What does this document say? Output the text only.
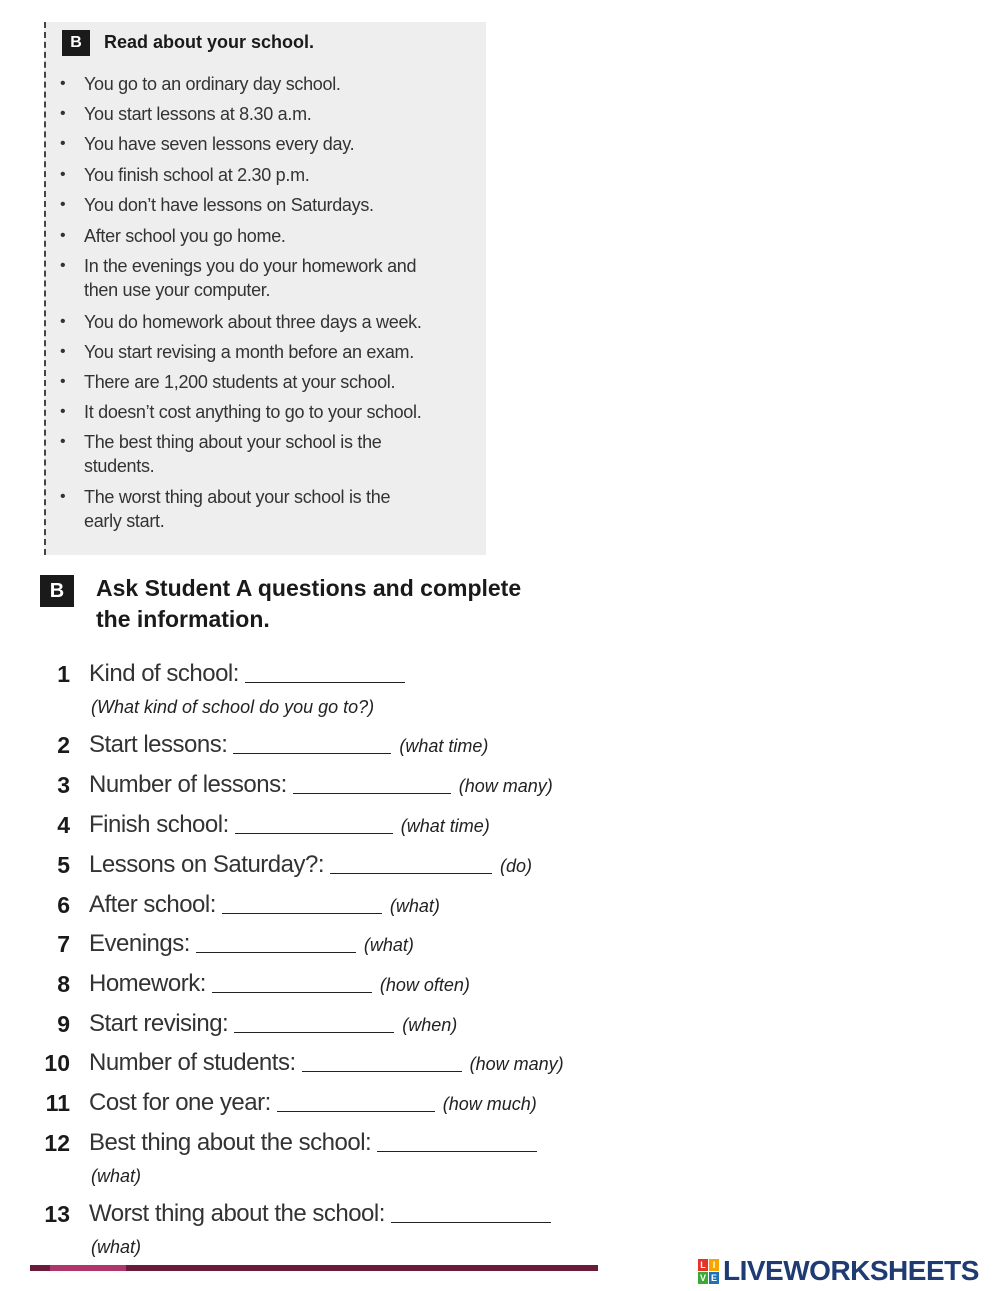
B	Read about your school.
• You go to an ordinary day school.
• You start lessons at 8.30 a.m.
• You have seven lessons every day.
• You finish school at 2.30 p.m.
• You don’t have lessons on Saturdays.
• After school you go home.
• In the evenings you do your homework and
then use your computer.
• You do homework about three days a week.
• You start revising a month before an exam.
• There are 1,200 students at your school.
• It doesn’t cost anything to go to your school.
• The best thing about your school is the
students.
• The worst thing about your school is the
early start.
B	Ask Student A questions and complete
the information.
1 Kind of school:
(What kind of school do you go to?)
2 Start lessons:	(what time)
3 Number of lessons:	(how many)
4 Finish school:	(what time)
5 Lessons on Saturday?:	(do)
6 After school:	(what)
7 Evenings:	(what)
8 Homework:	(how often)
9 Start revising:	(when)
10 Number of students:	(how many)
11 Cost for one year:	(how much)
12 Best thing about the school:
(what)
13 Worst thing about the school:
(what)
L I
V E LIVEWORKSHEETS
